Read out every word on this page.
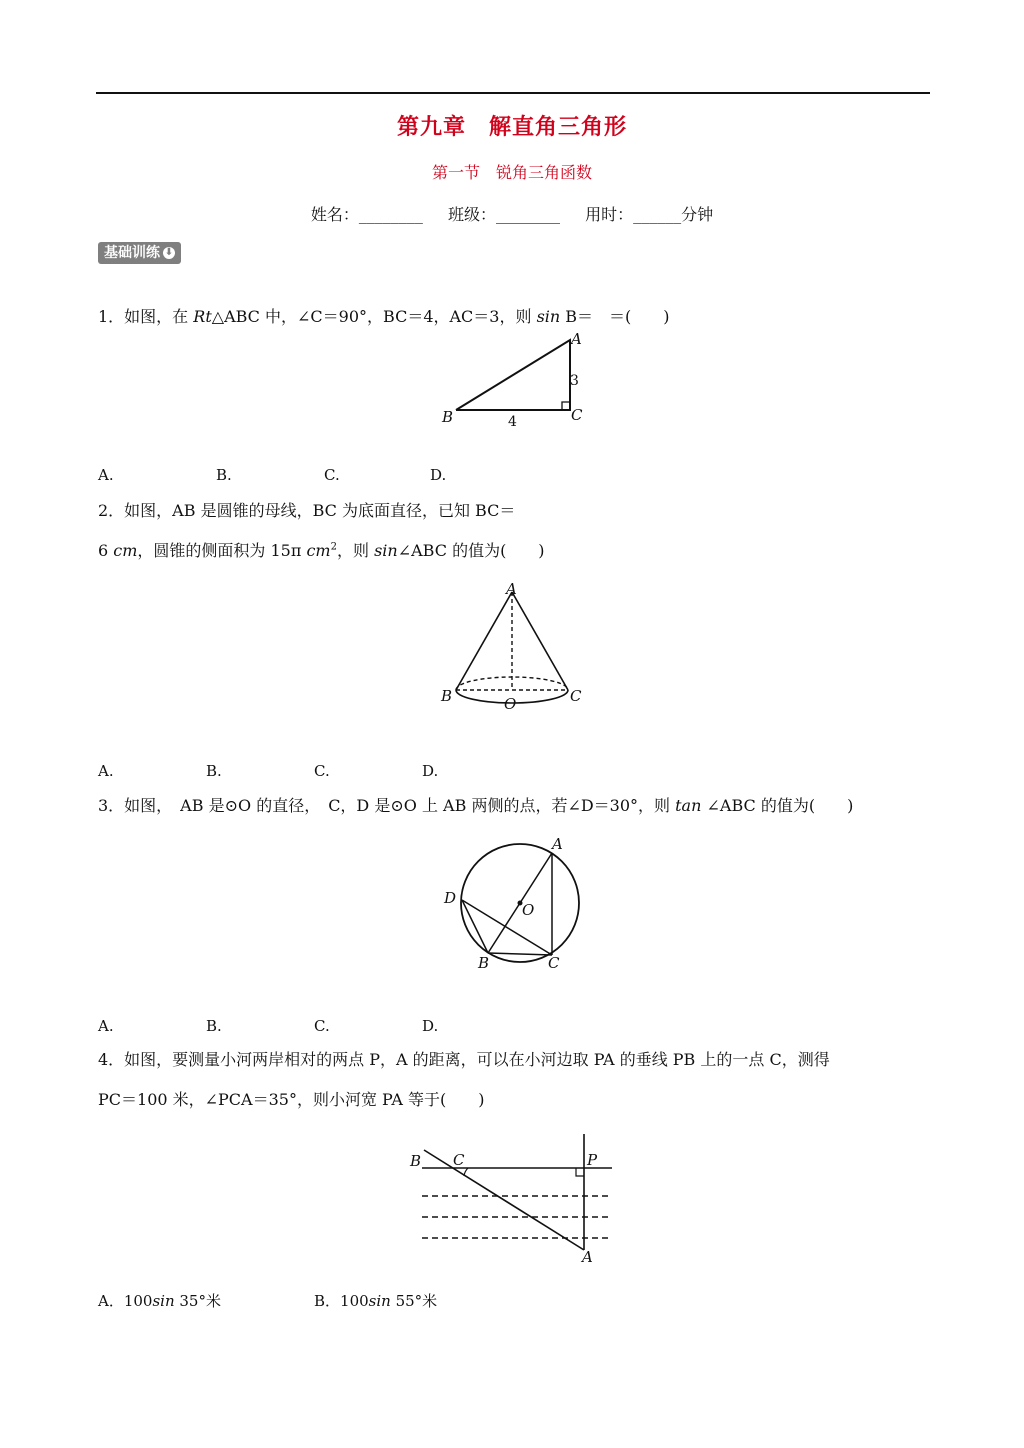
第九章　解直角三角形
第一节　锐角三角函数
姓名：________ 班级：________ 用时：______分钟
基础训练 ⬇
1．如图，在 Rt△ABC 中，∠C＝90°，BC＝4，AC＝3，则 sin B＝　＝(　　)
A
B	C
3
4
A.	B.	C.	D.
2．如图，AB 是圆锥的母线，BC 为底面直径，已知 BC＝
6 cm，圆锥的侧面积为 15π $cm^2$，则 sin∠ABC 的值为(　　)
A
B	C
O
A.	B.	C.	D.
3．如图，　AB 是⊙O 的直径，　C，D 是⊙O 上 AB 两侧的点，若∠D＝30°，则 tan ∠ABC 的值为(　　)
A
B	C
D
O
A.	B.	C.	D.
4．如图，要测量小河两岸相对的两点 P，A 的距离，可以在小河边取 PA 的垂线 PB 上的一点 C，测得
PC＝100 米，∠PCA＝35°，则小河宽 PA 等于(　　)
B C	P
A
A．100sin 35°米	B．100sin 55°米
